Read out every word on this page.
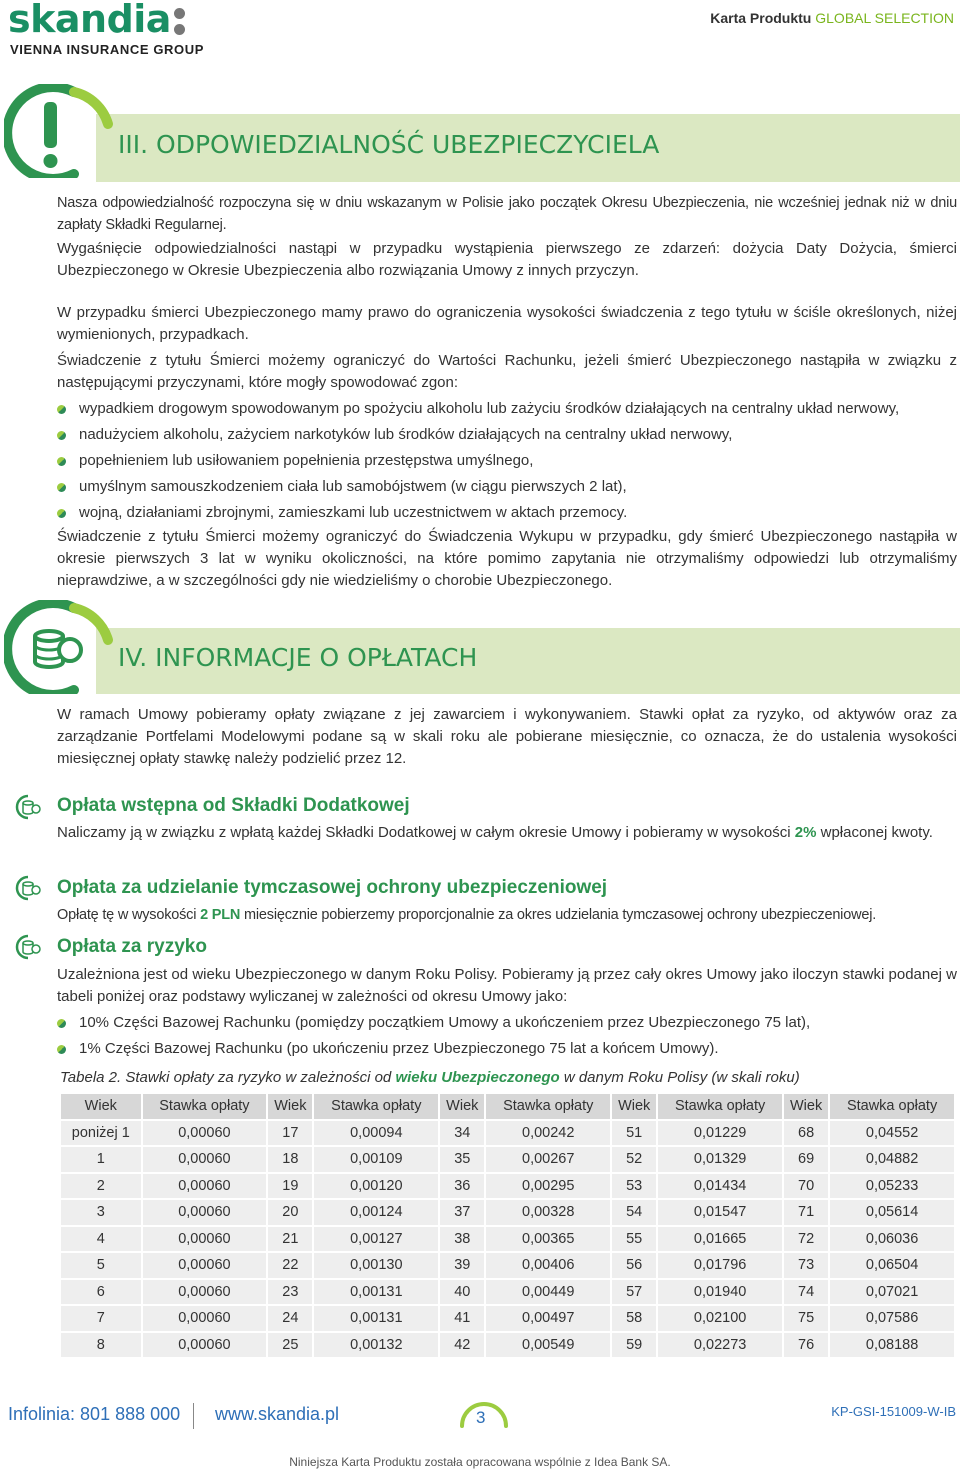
skandia
VIENNA INSURANCE GROUP
Karta Produktu GLOBAL SELECTION
III. ODPOWIEDZIALNOŚĆ UBEZPIECZYCIELA
Nasza odpowiedzialność rozpoczyna się w dniu wskazanym w Polisie jako początek Okresu Ubezpieczenia, nie wcześniej jednak niż w dniu zapłaty Składki Regularnej.
Wygaśnięcie odpowiedzialności nastąpi w przypadku wystąpienia pierwszego ze zdarzeń: dożycia Daty Dożycia, śmierci Ubezpieczonego w Okresie Ubezpieczenia albo rozwiązania Umowy z innych przyczyn.
W przypadku śmierci Ubezpieczonego mamy prawo do ograniczenia wysokości świadczenia z tego tytułu w ściśle określonych, niżej wymienionych, przypadkach.
Świadczenie z tytułu Śmierci możemy ograniczyć do Wartości Rachunku, jeżeli śmierć Ubezpieczonego nastąpiła w związku z następującymi przyczynami, które mogły spowodować zgon:
wypadkiem drogowym spowodowanym po spożyciu alkoholu lub zażyciu środków działających na centralny układ nerwowy,
nadużyciem alkoholu, zażyciem narkotyków lub środków działających na centralny układ nerwowy,
popełnieniem lub usiłowaniem popełnienia przestępstwa umyślnego,
umyślnym samouszkodzeniem ciała lub samobójstwem (w ciągu pierwszych 2 lat),
wojną, działaniami zbrojnymi, zamieszkami lub uczestnictwem w aktach przemocy.
Świadczenie z tytułu Śmierci możemy ograniczyć do Świadczenia Wykupu w przypadku, gdy śmierć Ubezpieczonego nastąpiła w okresie pierwszych 3 lat w wyniku okoliczności, na które pomimo zapytania nie otrzymaliśmy odpowiedzi lub otrzymaliśmy nieprawdziwe, a w szczególności gdy nie wiedzieliśmy o chorobie Ubezpieczonego.
IV. INFORMACJE O OPŁATACH
W ramach Umowy pobieramy opłaty związane z jej zawarciem i wykonywaniem. Stawki opłat za ryzyko, od aktywów oraz za zarządzanie Portfelami Modelowymi podane są w skali roku ale pobierane miesięcznie, co oznacza, że do ustalenia wysokości miesięcznej opłaty stawkę należy podzielić przez 12.
Opłata wstępna od Składki Dodatkowej
Naliczamy ją w związku z wpłatą każdej Składki Dodatkowej w całym okresie Umowy i pobieramy w wysokości 2% wpłaconej kwoty.
Opłata za udzielanie tymczasowej ochrony ubezpieczeniowej
Opłatę tę w wysokości 2 PLN miesięcznie pobierzemy proporcjonalnie za okres udzielania tymczasowej ochrony ubezpieczeniowej.
Opłata za ryzyko
Uzależniona jest od wieku Ubezpieczonego w danym Roku Polisy. Pobieramy ją przez cały okres Umowy jako iloczyn stawki podanej w tabeli poniżej oraz podstawy wyliczanej w zależności od okresu Umowy jako:
10% Części Bazowej Rachunku (pomiędzy początkiem Umowy a ukończeniem przez Ubezpieczonego 75 lat),
1% Części Bazowej Rachunku (po ukończeniu przez Ubezpieczonego 75 lat a końcem Umowy).
Tabela 2. Stawki opłaty za ryzyko w zależności od wieku Ubezpieczonego w danym Roku Polisy (w skali roku)
Wiek	Stawka opłaty	Wiek	Stawka opłaty	Wiek	Stawka opłaty	Wiek	Stawka opłaty	Wiek	Stawka opłaty
poniżej 1	0,00060	17	0,00094	34	0,00242	51	0,01229	68	0,04552
1	0,00060	18	0,00109	35	0,00267	52	0,01329	69	0,04882
2	0,00060	19	0,00120	36	0,00295	53	0,01434	70	0,05233
3	0,00060	20	0,00124	37	0,00328	54	0,01547	71	0,05614
4	0,00060	21	0,00127	38	0,00365	55	0,01665	72	0,06036
5	0,00060	22	0,00130	39	0,00406	56	0,01796	73	0,06504
6	0,00060	23	0,00131	40	0,00449	57	0,01940	74	0,07021
7	0,00060	24	0,00131	41	0,00497	58	0,02100	75	0,07586
8	0,00060	25	0,00132	42	0,00549	59	0,02273	76	0,08188
Infolinia: 801 888 000 www.skandia.pl	3	KP-GSI-151009-W-IB
Niniejsza Karta Produktu została opracowana wspólnie z Idea Bank SA.
